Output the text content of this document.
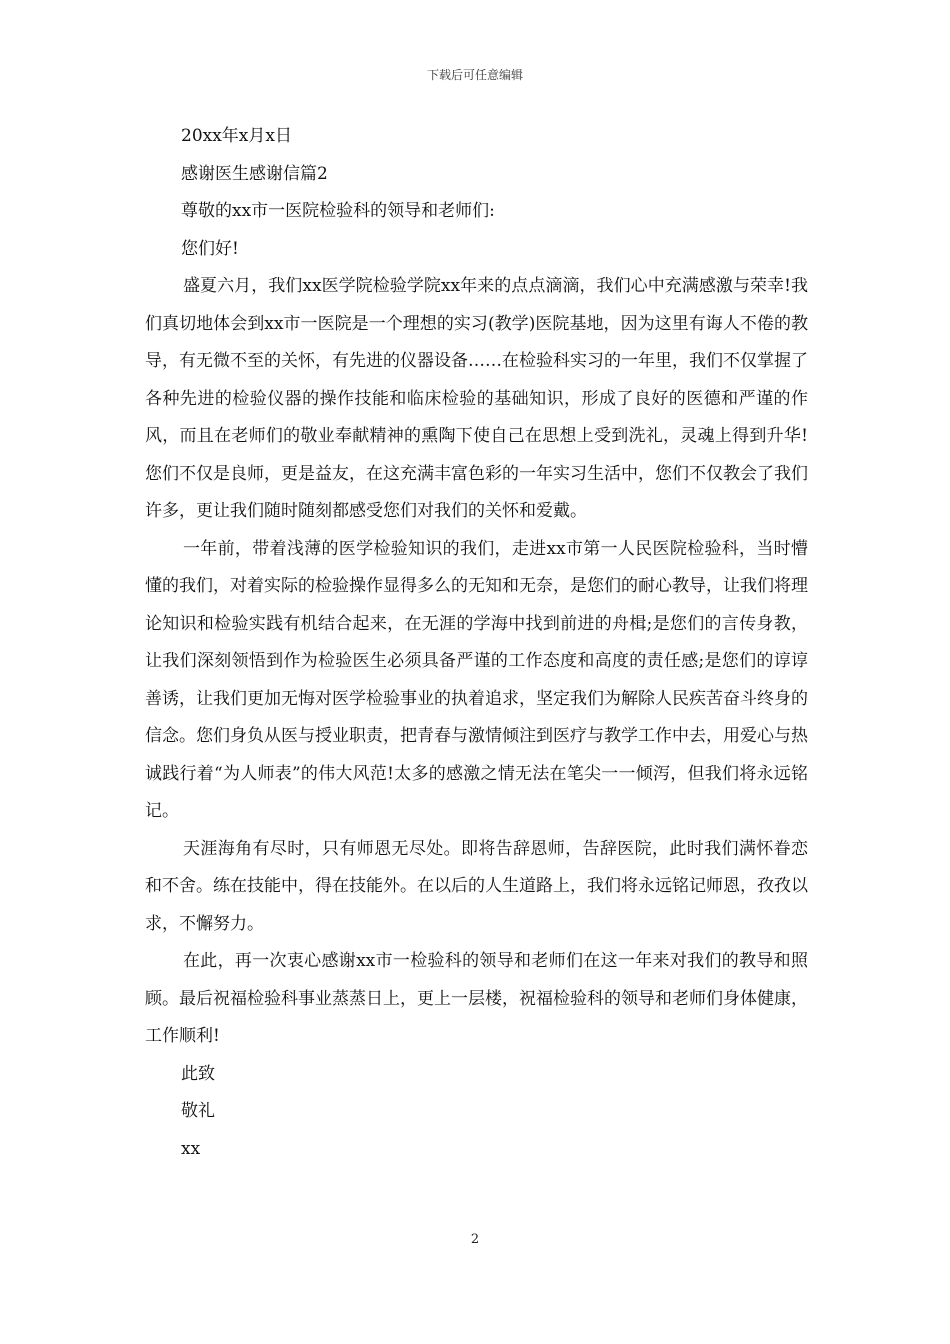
下载后可任意编辑
20xx年x月x日
感谢医生感谢信篇2
尊敬的xx市一医院检验科的领导和老师们:
您们好!

盛夏六月，我们xx医学院检验学院xx年来的点点滴滴，我们心中充满感激与荣幸!我们真切地体会到xx市一医院是一个理想的实习(教学)医院基地，因为这里有诲人不倦的教导，有无微不至的关怀，有先进的仪器设备……在检验科实习的一年里，我们不仅掌握了各种先进的检验仪器的操作技能和临床检验的基础知识，形成了良好的医德和严谨的作风，而且在老师们的敬业奉献精神的熏陶下使自己在思想上受到洗礼，灵魂上得到升华!您们不仅是良师，更是益友，在这充满丰富色彩的一年实习生活中，您们不仅教会了我们许多，更让我们随时随刻都感受您们对我们的关怀和爱戴。

一年前，带着浅薄的医学检验知识的我们，走进xx市第一人民医院检验科，当时懵懂的我们，对着实际的检验操作显得多么的无知和无奈，是您们的耐心教导，让我们将理论知识和检验实践有机结合起来，在无涯的学海中找到前进的舟楫;是您们的言传身教，让我们深刻领悟到作为检验医生必须具备严谨的工作态度和高度的责任感;是您们的谆谆善诱，让我们更加无悔对医学检验事业的执着追求，坚定我们为解除人民疾苦奋斗终身的信念。您们身负从医与授业职责，把青春与激情倾注到医疗与教学工作中去，用爱心与热诚践行着“为人师表”的伟大风范!太多的感激之情无法在笔尖一一倾泻，但我们将永远铭记。

天涯海角有尽时，只有师恩无尽处。即将告辞恩师，告辞医院，此时我们满怀眷恋和不舍。练在技能中，得在技能外。在以后的人生道路上，我们将永远铭记师恩，孜孜以求，不懈努力。

在此，再一次衷心感谢xx市一检验科的领导和老师们在这一年来对我们的教导和照顾。最后祝福检验科事业蒸蒸日上，更上一层楼，祝福检验科的领导和老师们身体健康，工作顺利!

此致
敬礼
xx
2
